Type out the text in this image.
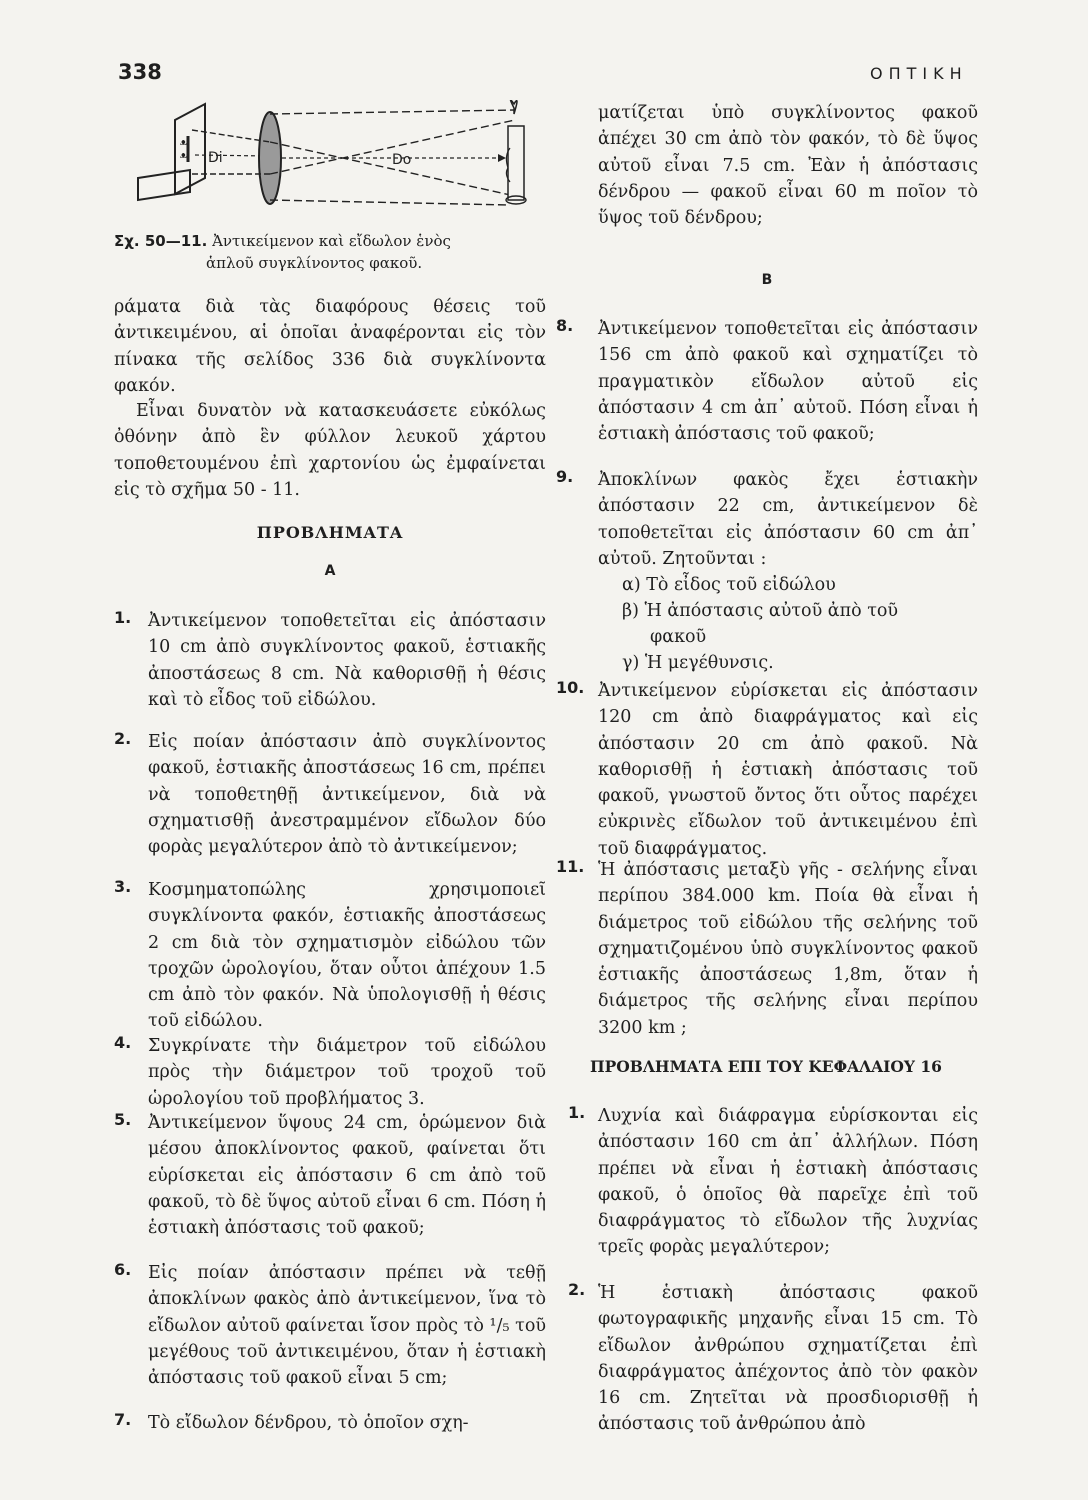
338	ΟΠΤΙΚΗ
ᴥ
ᴥ Di	Do
Σχ. 50—11. Ἀντικείμενον καὶ εἴδωλον ἑνὸς
ἁπλοῦ συγκλίνοντος φακοῦ.
ράματα διὰ τὰς διαφόρους θέσεις τοῦ ἀντικειμένου, αἱ ὁποῖαι ἀναφέρονται εἰς τὸν πίνακα τῆς σελίδος 336 διὰ συγκλίνοντα φακόν.
Εἶναι δυνατὸν νὰ κατασκευάσετε εὐκόλως ὀθόνην ἀπὸ ἓν φύλλον λευκοῦ χάρτου τοποθετουμένου ἐπὶ χαρτονίου ὡς ἐμφαίνεται εἰς τὸ σχῆμα 50 - 11.
ΠΡΟΒΛΗΜΑΤΑ
Α
1. Ἀντικείμενον τοποθετεῖται εἰς ἀπόστασιν 10 cm ἀπὸ συγκλίνοντος φακοῦ, ἑστιακῆς ἀποστάσεως 8 cm. Νὰ καθορισθῇ ἡ θέσις καὶ τὸ εἶδος τοῦ εἰδώλου.
2. Εἰς ποίαν ἀπόστασιν ἀπὸ συγκλίνοντος φακοῦ, ἑστιακῆς ἀποστάσεως 16 cm, πρέπει νὰ τοποθετηθῇ ἀντικείμενον, διὰ νὰ σχηματισθῇ ἀνεστραμμένον εἴδωλον δύο φορὰς μεγαλύτερον ἀπὸ τὸ ἀντικείμενον;
3. Κοσμηματοπώλης χρησιμοποιεῖ συγκλίνοντα φακόν, ἑστιακῆς ἀποστάσεως 2 cm διὰ τὸν σχηματισμὸν εἰδώλου τῶν τροχῶν ὡρολογίου, ὅταν οὗτοι ἀπέχουν 1.5 cm ἀπὸ τὸν φακόν. Νὰ ὑπολογισθῇ ἡ θέσις τοῦ εἰδώλου.
4. Συγκρίνατε τὴν διάμετρον τοῦ εἰδώλου πρὸς τὴν διάμετρον τοῦ τροχοῦ τοῦ ὡρολογίου τοῦ προβλήματος 3.
5. Ἀντικείμενον ὕψους 24 cm, ὁρώμενον διὰ μέσου ἀποκλίνοντος φακοῦ, φαίνεται ὅτι εὑρίσκεται εἰς ἀπόστασιν 6 cm ἀπὸ τοῦ φακοῦ, τὸ δὲ ὕψος αὐτοῦ εἶναι 6 cm. Πόση ἡ ἑστιακὴ ἀπόστασις τοῦ φακοῦ;
6. Εἰς ποίαν ἀπόστασιν πρέπει νὰ τεθῇ ἀποκλίνων φακὸς ἀπὸ ἀντικείμενον, ἵνα τὸ εἴδωλον αὐτοῦ φαίνεται ἴσον πρὸς τὸ ¹/₅ τοῦ μεγέθους τοῦ ἀντικειμένου, ὅταν ἡ ἑστιακὴ ἀπόστασις τοῦ φακοῦ εἶναι 5 cm;
7. Τὸ εἴδωλον δένδρου, τὸ ὁποῖον σχη-
ματίζεται ὑπὸ συγκλίνοντος φακοῦ ἀπέχει 30 cm ἀπὸ τὸν φακόν, τὸ δὲ ὕψος αὐτοῦ εἶναι 7.5 cm. Ἐὰν ἡ ἀπόστασις δένδρου — φακοῦ εἶναι 60 m ποῖον τὸ ὕψος τοῦ δένδρου;
Β
8. Ἀντικείμενον τοποθετεῖται εἰς ἀπόστασιν 156 cm ἀπὸ φακοῦ καὶ σχηματίζει τὸ πραγματικὸν εἴδωλον αὐτοῦ εἰς ἀπόστασιν 4 cm ἀπ᾽ αὐτοῦ. Πόση εἶναι ἡ ἑστιακὴ ἀπόστασις τοῦ φακοῦ;
9. Ἀποκλίνων φακὸς ἔχει ἑστιακὴν ἀπόστασιν 22 cm, ἀντικείμενον δὲ τοποθετεῖται εἰς ἀπόστασιν 60 cm ἀπ᾽ αὐτοῦ. Ζητοῦνται :
α) Τὸ εἶδος τοῦ εἰδώλου
β) Ἡ ἀπόστασις αὐτοῦ ἀπὸ τοῦ
φακοῦ
γ) Ἡ μεγέθυνσις.
10. Ἀντικείμενον εὑρίσκεται εἰς ἀπόστασιν 120 cm ἀπὸ διαφράγματος καὶ εἰς ἀπόστασιν 20 cm ἀπὸ φακοῦ. Νὰ καθορισθῇ ἡ ἑστιακὴ ἀπόστασις τοῦ φακοῦ, γνωστοῦ ὄντος ὅτι οὗτος παρέχει εὐκρινὲς εἴδωλον τοῦ ἀντικειμένου ἐπὶ τοῦ διαφράγματος.
11. Ἡ ἀπόστασις μεταξὺ γῆς - σελήνης εἶναι περίπου 384.000 km. Ποία θὰ εἶναι ἡ διάμετρος τοῦ εἰδώλου τῆς σελήνης τοῦ σχηματιζομένου ὑπὸ συγκλίνοντος φακοῦ ἑστιακῆς ἀποστάσεως 1,8m, ὅταν ἡ διάμετρος τῆς σελήνης εἶναι περίπου 3200 km ;
ΠΡΟΒΛΗΜΑΤΑ ΕΠΙ ΤΟΥ ΚΕΦΑΛΑΙΟΥ 16
1. Λυχνία καὶ διάφραγμα εὑρίσκονται εἰς ἀπόστασιν 160 cm ἀπ᾽ ἀλλήλων. Πόση πρέπει νὰ εἶναι ἡ ἑστιακὴ ἀπόστασις φακοῦ, ὁ ὁποῖος θὰ παρεῖχε ἐπὶ τοῦ διαφράγματος τὸ εἴδωλον τῆς λυχνίας τρεῖς φορὰς μεγαλύτερον;
2. Ἡ ἑστιακὴ ἀπόστασις φακοῦ φωτογραφικῆς μηχανῆς εἶναι 15 cm. Τὸ εἴδωλον ἀνθρώπου σχηματίζεται ἐπὶ διαφράγματος ἀπέχοντος ἀπὸ τὸν φακὸν 16 cm. Ζητεῖται νὰ προσδιορισθῇ ἡ ἀπόστασις τοῦ ἀνθρώπου ἀπὸ
